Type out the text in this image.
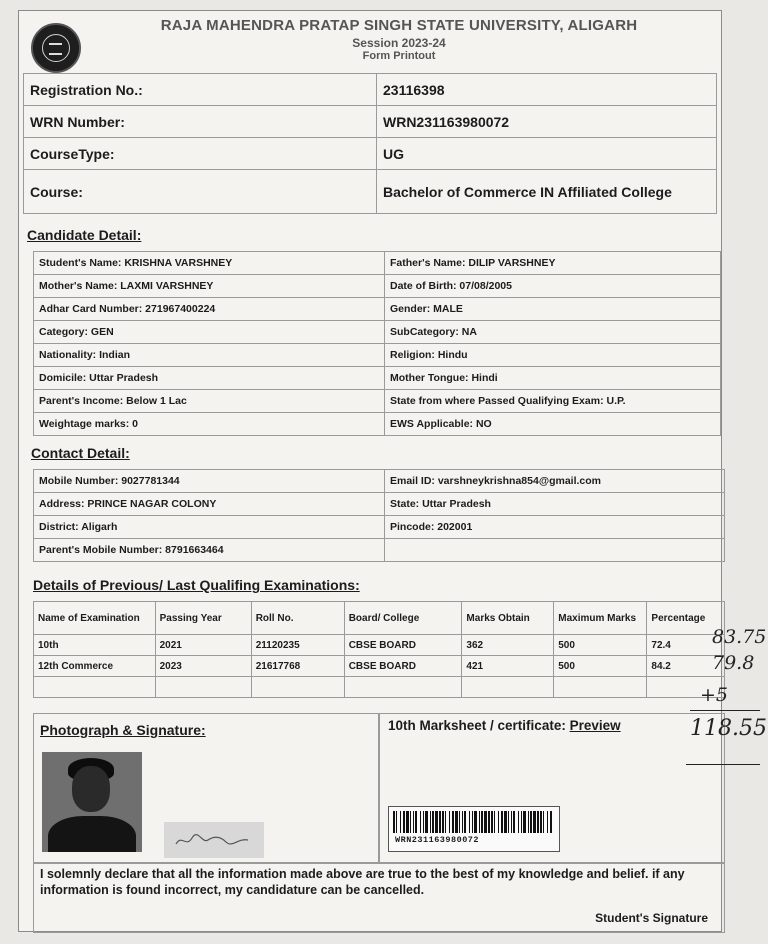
RAJA MAHENDRA PRATAP SINGH STATE UNIVERSITY, ALIGARH
Session 2023-24
Form Printout
Registration No.:	23116398
WRN Number:	WRN231163980072
CourseType:	UG
Course:	Bachelor of Commerce IN Affiliated College
Candidate Detail:
Student's Name: KRISHNA VARSHNEY	Father's Name: DILIP VARSHNEY
Mother's Name: LAXMI VARSHNEY	Date of Birth: 07/08/2005
Adhar Card Number: 271967400224	Gender: MALE
Category: GEN	SubCategory: NA
Nationality: Indian	Religion: Hindu
Domicile: Uttar Pradesh	Mother Tongue: Hindi
Parent's Income: Below 1 Lac	State from where Passed Qualifying Exam: U.P.
Weightage marks: 0	EWS Applicable: NO
Contact Detail:
Mobile Number: 9027781344	Email ID: varshneykrishna854@gmail.com
Address: PRINCE NAGAR COLONY	State: Uttar Pradesh
District: Aligarh	Pincode: 202001
Parent's Mobile Number: 8791663464	
Details of Previous/ Last Qualifing Examinations:
Name of Examination	Passing Year	Roll No.	Board/ College	Marks Obtain	Maximum Marks	Percentage
10th	2021	21120235	CBSE BOARD	362	500	72.4
12th Commerce	2023	21617768	CBSE BOARD	421	500	84.2

Photograph & Signature:	10th Marksheet / certificate: Preview
WRN231163980072
I solemnly declare that all the information made above are true to the best of my knowledge and belief. if any information is found incorrect, my candidature can be cancelled.
Student's Signature
83.75
79.8
+5
118.55
